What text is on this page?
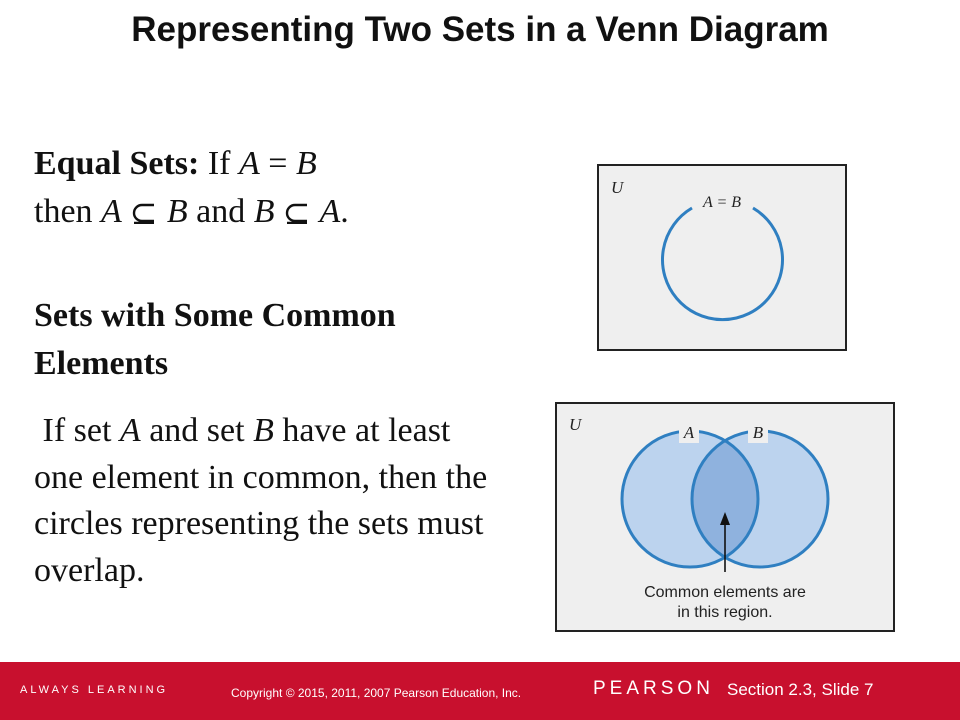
Representing Two Sets in a Venn Diagram
Equal Sets: If A = B
then A B and B A.
Sets with Some Common Elements
If set A and set B have at least one element in common, then the circles representing the sets must overlap.
U
A = B
U	A	B
Common elements are
in this region.
ALWAYS LEARNING	Copyright © 2015, 2011, 2007 Pearson Education, Inc.	PEARSON Section 2.3, Slide 7
